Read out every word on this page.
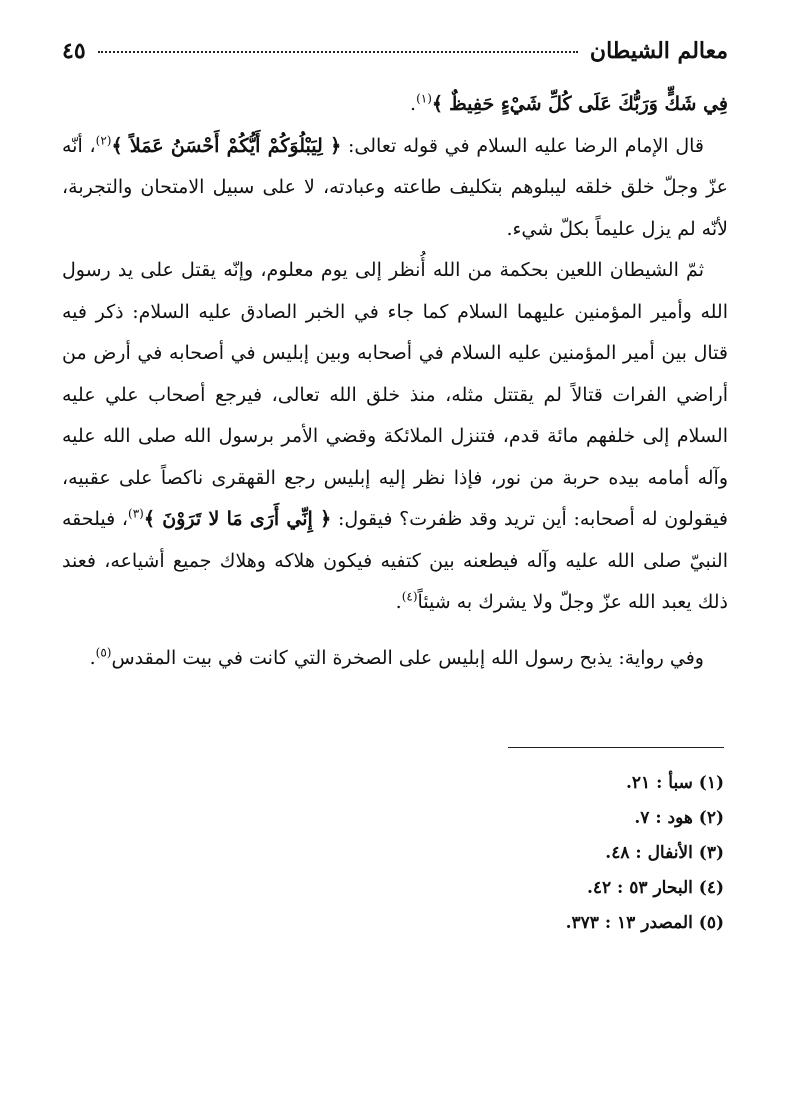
معالم الشيطان
٤٥

فِي شَكٍّ وَرَبُّكَ عَلَى كُلِّ شَيْءٍ حَفِيظٌ ﴾$^{(١)}$.

قال الإمام الرضا عليه السلام في قوله تعالى: ﴿ لِيَبْلُوَكُمْ أَيُّكُمْ أَحْسَنُ عَمَلاً ﴾$^{(٢)}$، أنّه عزّ وجلّ خلق خلقه ليبلوهم بتكليف طاعته وعبادته، لا على سبيل الامتحان والتجربة، لأنّه لم يزل عليماً بكلّ شيء.

ثمّ الشيطان اللعين بحكمة من الله أُنظر إلى يوم معلوم، وإنّه يقتل على يد رسول الله وأمير المؤمنين عليهما السلام كما جاء في الخبر الصادق عليه السلام: ذكر فيه قتال بين أمير المؤمنين عليه السلام في أصحابه وبين إبليس في أصحابه في أرض من أراضي الفرات قتالاً لم يقتتل مثله، منذ خلق الله تعالى، فيرجع أصحاب علي عليه السلام إلى خلفهم مائة قدم، فتنزل الملائكة وقضي الأمر برسول الله صلى الله عليه وآله أمامه بيده حربة من نور، فإذا نظر إليه إبليس رجع القهقرى ناكصاً على عقبيه، فيقولون له أصحابه: أين تريد وقد ظفرت؟ فيقول: ﴿ إِنِّي أَرَى مَا لا تَرَوْنَ ﴾$^{(٣)}$، فيلحقه النبيّ صلى الله عليه وآله فيطعنه بين كتفيه فيكون هلاكه وهلاك جميع أشياعه، فعند ذلك يعبد الله عزّ وجلّ ولا يشرك به شيئاً$^{(٤)}$.

وفي رواية: يذبح رسول الله إبليس على الصخرة التي كانت في بيت المقدس$^{(٥)}$.

(١) سبأ : ٢١.
(٢) هود : ٧.
(٣) الأنفال : ٤٨.
(٤) البحار ٥٣ : ٤٢.
(٥) المصدر ١٣ : ٣٧٣.
